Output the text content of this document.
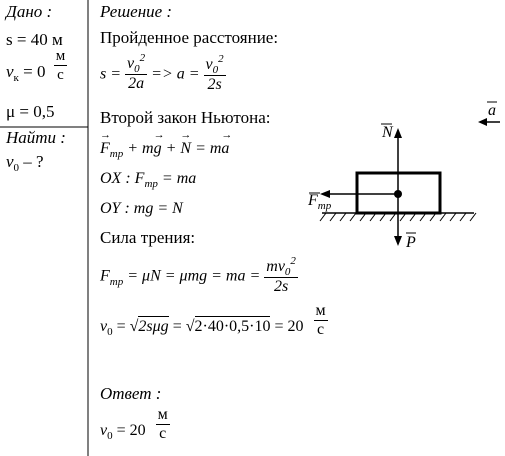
Дано :
s = 40 м
$v_к = 0 \frac{м}{с}$
μ = 0,5
Найти :
$v_0$ – ?
Решение :
Пройденное расстояние:
$s = \frac{v_0^2}{2a} => a = \frac{v_0^2}{2s}$
Второй закон Ньютона:
→ $F_{тр} + m\to g$ + → N = m→ a
OX : $F_{тр}$ = ma
OY : mg = N
Сила трения:
$F_{тр} = \mu N = \mu mg$ = ma = $\frac{mv_0^2}{2s}$
$v_0 = √2s\mu g = √2\cdot 40\cdot 0,5\cdot 10 = 20 \frac{м}{с}$
Ответ :
$v_0 = 20 \frac{м}{с}$
N
a
$F_{тр}$
P
